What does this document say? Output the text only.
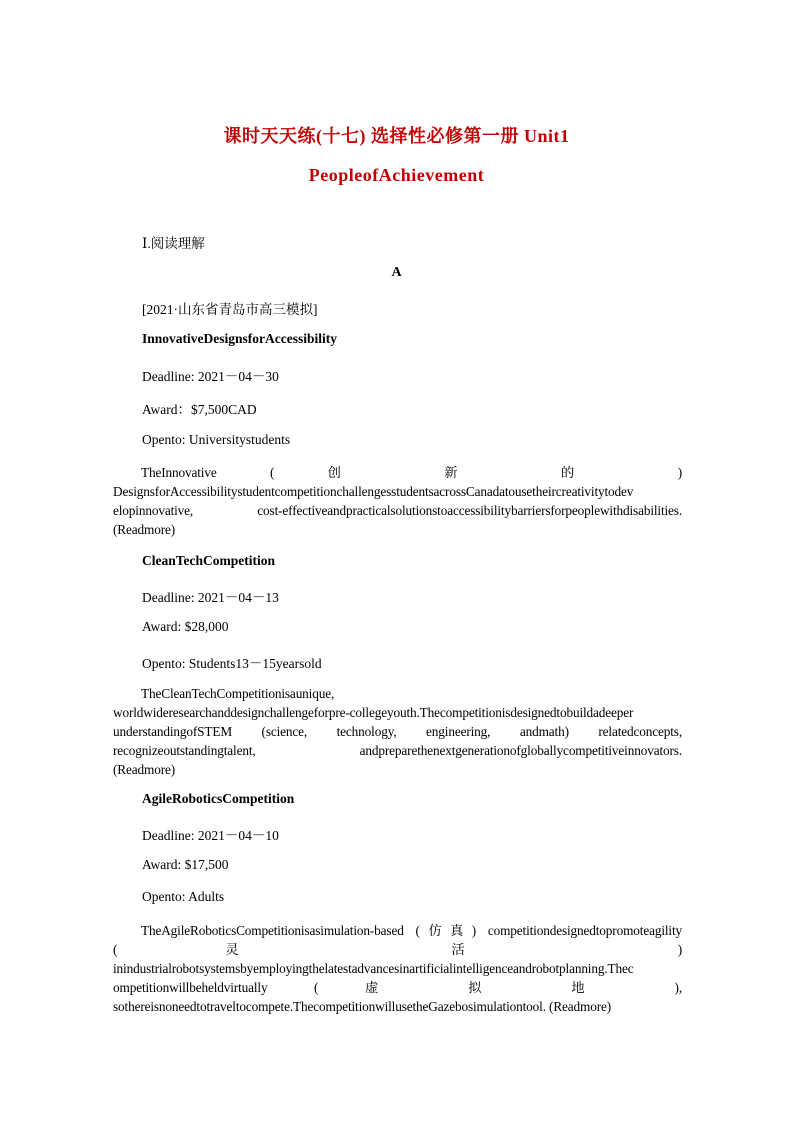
课时天天练(十七) 选择性必修第一册 Unit1
PeopleofAchievement
Ⅰ.阅读理解
A
[2021·山东省青岛市高三模拟]
InnovativeDesignsforAccessibility
Deadline: 2021－04－30
Award：$7,500CAD
Opento: Universitystudents
TheInnovative ( 创 新 的 )
DesignsforAccessibilitystudentcompetitionchallengesstudentsacrossCanadatousetheircreativitytodev
elopinnovative, cost-effectiveandpracticalsolutionstoaccessibilitybarriersforpeoplewithdisabilities.
(Readmore)
CleanTechCompetition
Deadline: 2021－04－13
Award: $28,000
Opento: Students13－15yearsold
TheCleanTechCompetitionisaunique,
worldwideresearchanddesignchallengeforpre-collegeyouth.Thecompetitionisdesignedtobuildadeeper
understandingofSTEM (science, technology, engineering, andmath) relatedconcepts,
recognizeoutstandingtalent, andpreparethenextgenerationofgloballycompetitiveinnovators.
(Readmore)
AgileRoboticsCompetition
Deadline: 2021－04－10
Award: $17,500
Opento: Adults
TheAgileRoboticsCompetitionisasimulation-based (仿真) competitiondesignedtopromoteagility
( 灵 活 )
inindustrialrobotsystemsbyemployingthelatestadvancesinartificialintelligenceandrobotplanning.Thec
ompetitionwillbeheldvirtually ( 虚 拟 地 ),
sothereisnoneedtotraveltocompete.ThecompetitionwillusetheGazebosimulationtool. (Readmore)
